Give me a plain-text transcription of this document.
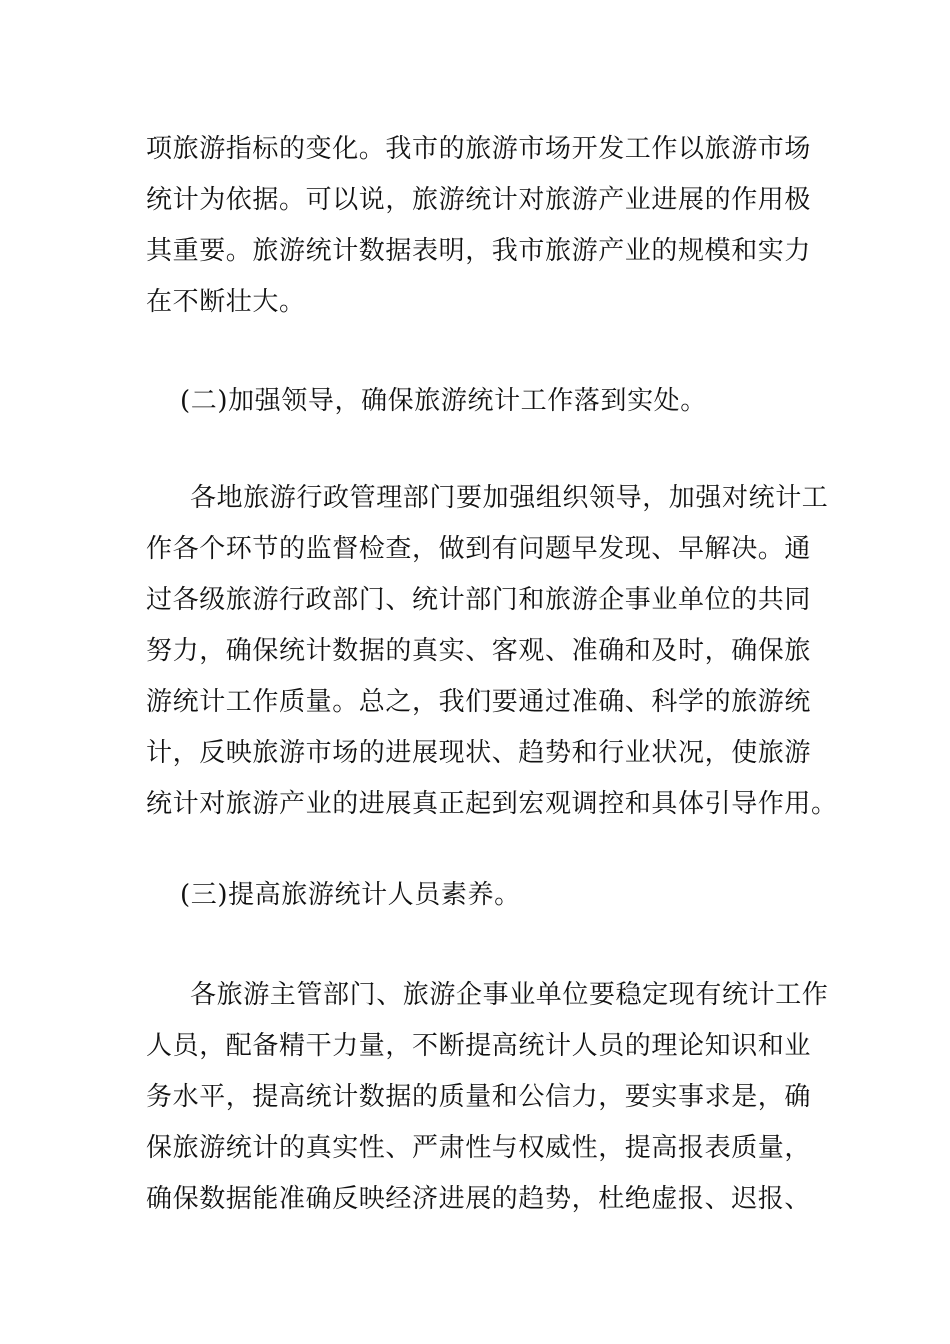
项旅游指标的变化。我市的旅游市场开发工作以旅游市场
统计为依据。可以说，旅游统计对旅游产业进展的作用极
其重要。旅游统计数据表明，我市旅游产业的规模和实力
在不断壮大。
(二)加强领导，确保旅游统计工作落到实处。
各地旅游行政管理部门要加强组织领导，加强对统计工
作各个环节的监督检查，做到有问题早发现、早解决。通
过各级旅游行政部门、统计部门和旅游企事业单位的共同
努力，确保统计数据的真实、客观、准确和及时，确保旅
游统计工作质量。总之，我们要通过准确、科学的旅游统
计，反映旅游市场的进展现状、趋势和行业状况，使旅游
统计对旅游产业的进展真正起到宏观调控和具体引导作用。
(三)提高旅游统计人员素养。
各旅游主管部门、旅游企事业单位要稳定现有统计工作
人员，配备精干力量，不断提高统计人员的理论知识和业
务水平，提高统计数据的质量和公信力，要实事求是，确
保旅游统计的真实性、严肃性与权威性，提高报表质量，
确保数据能准确反映经济进展的趋势，杜绝虚报、迟报、
